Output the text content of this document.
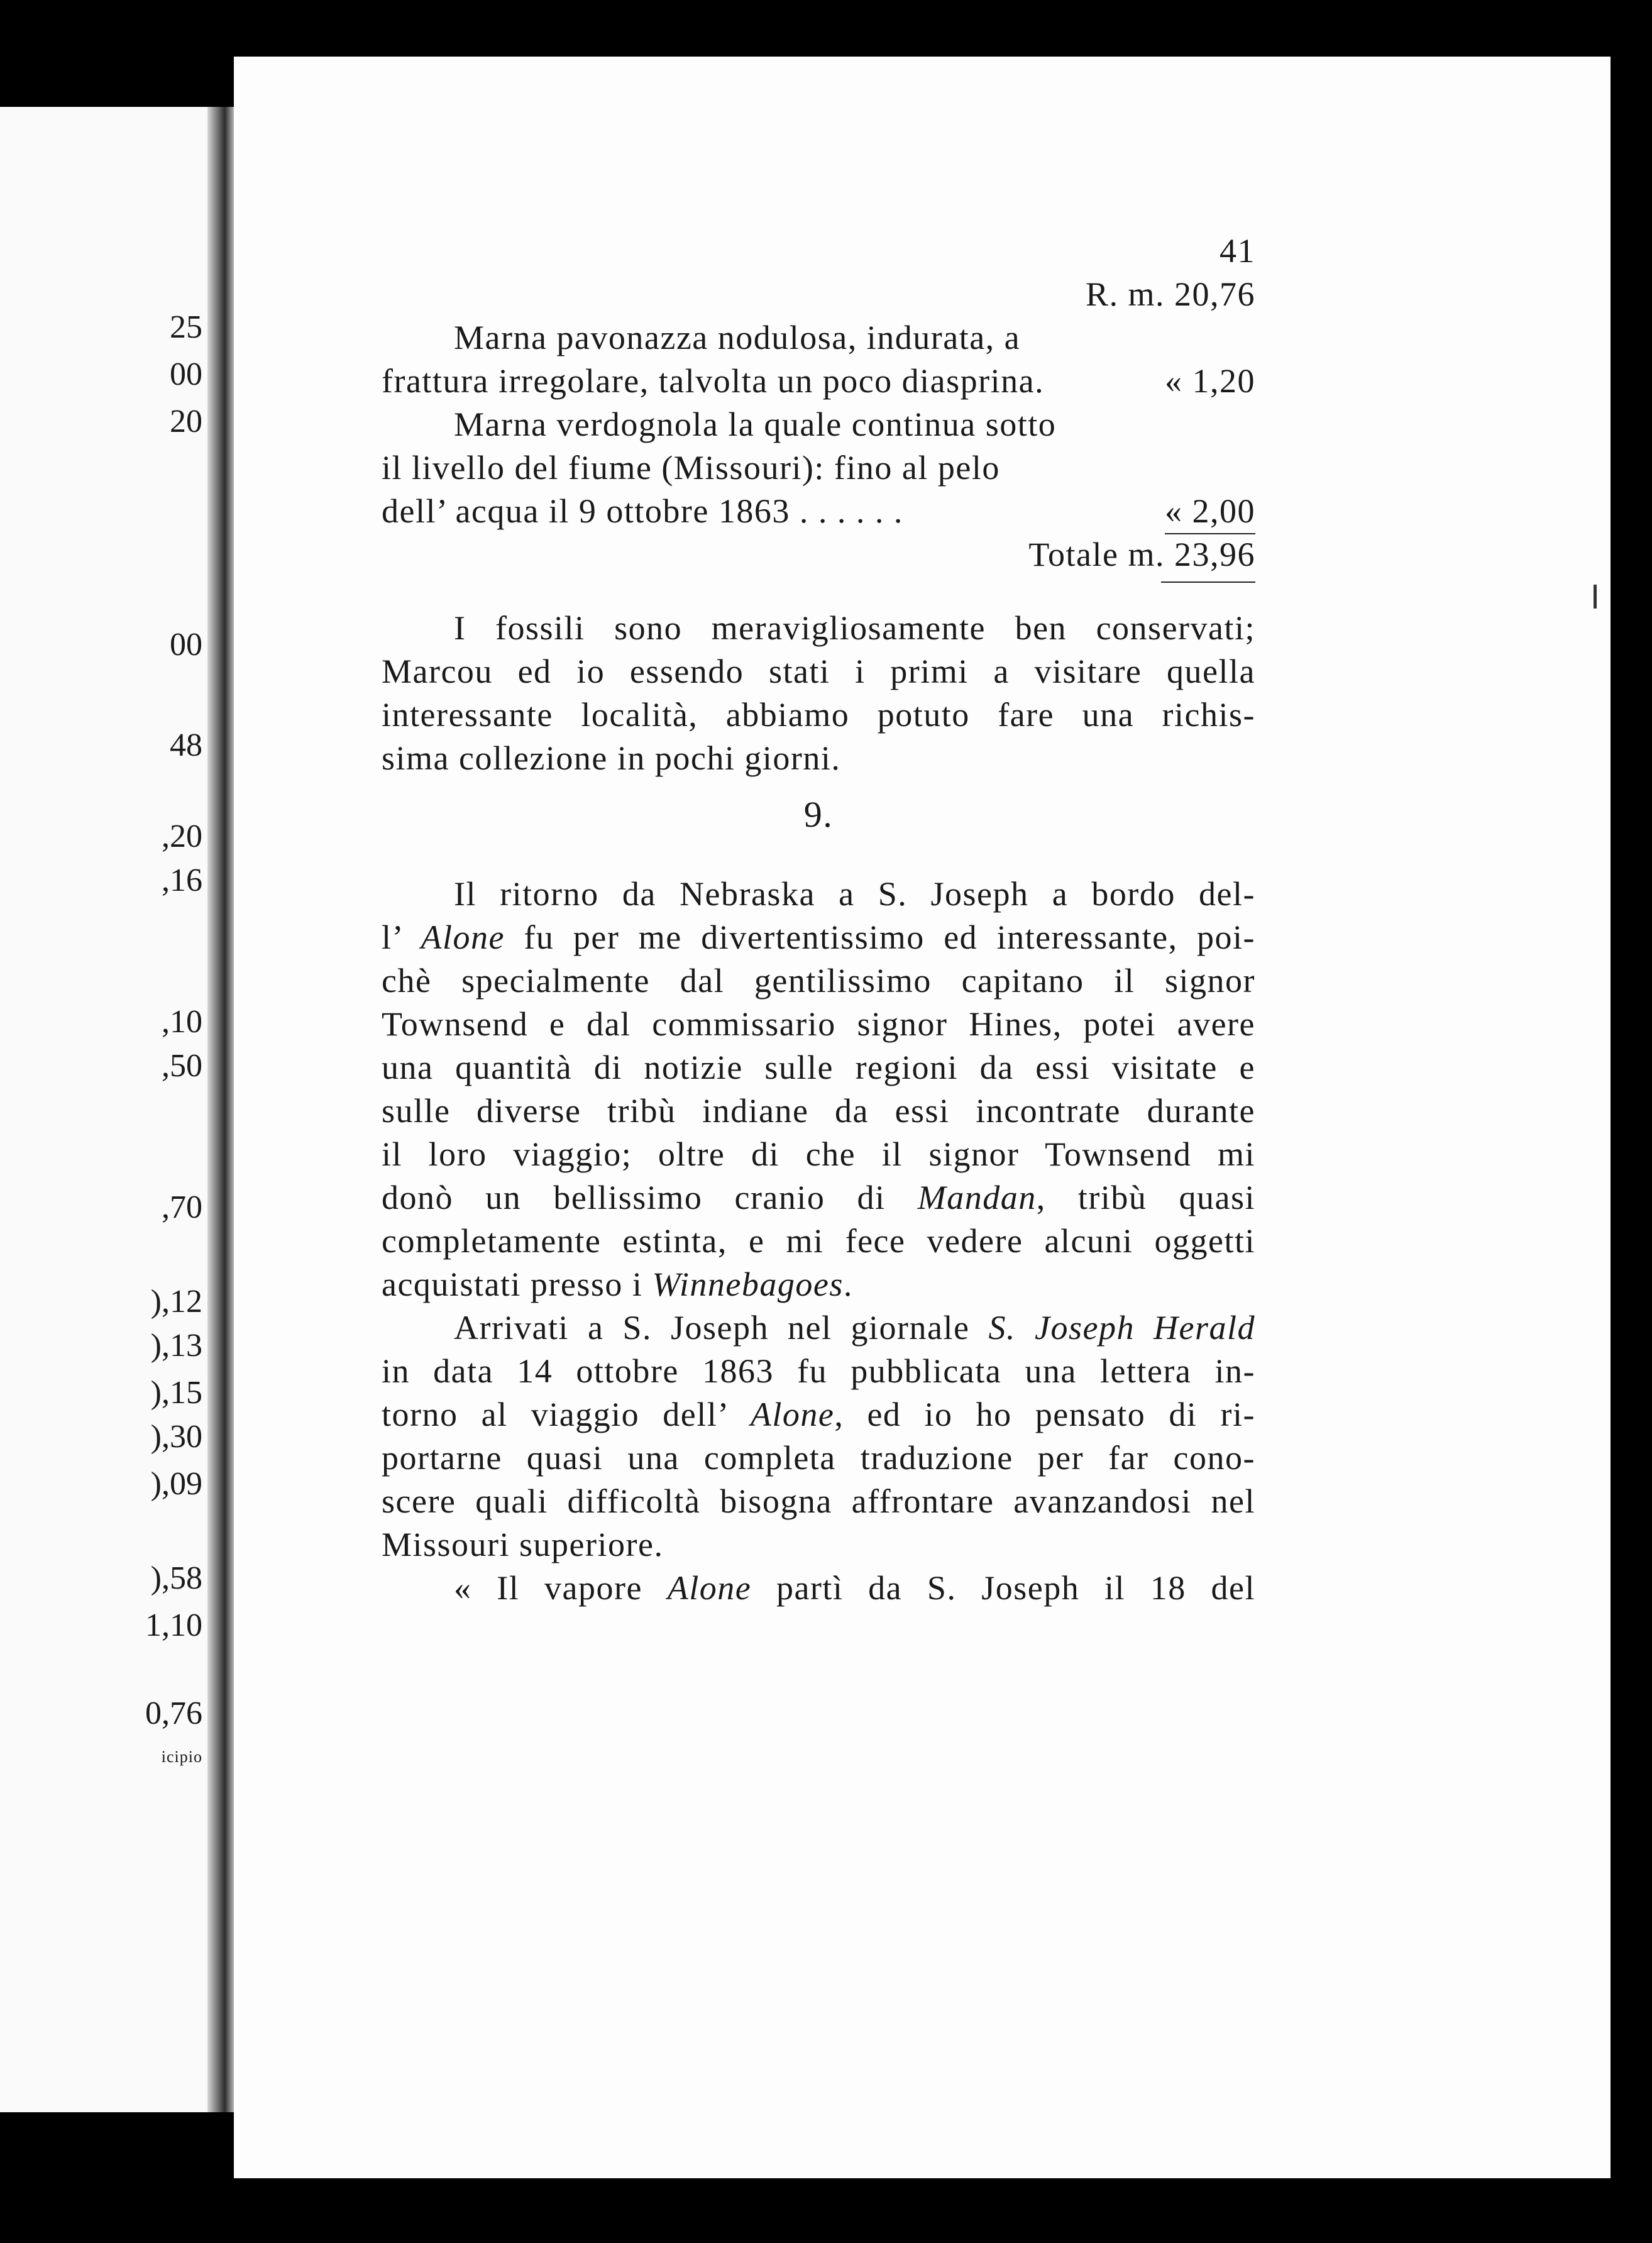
25
00
20
00
48
,20
,16
,10
,50
,70
),12
),13
),15
),30
),09
),58
1,10
0,76
icipio
41
R. m. 20,76
Marna pavonazza nodulosa, indurata, a
frattura irregolare, talvolta un poco diasprina.	« 1,20
Marna verdognola la quale continua sotto
il livello del fiume (Missouri): fino al pelo
dell’ acqua il 9 ottobre 1863 . . . . . .	« 2,00
Totale m. 23,96
I fossili sono meravigliosamente ben conservati;
Marcou ed io essendo stati i primi a visitare quella
interessante località, abbiamo potuto fare una richis-
sima collezione in pochi giorni.
9.
Il ritorno da Nebraska a S. Joseph a bordo del-
l’ Alone fu per me divertentissimo ed interessante, poi-
chè specialmente dal gentilissimo capitano il signor
Townsend e dal commissario signor Hines, potei avere
una quantità di notizie sulle regioni da essi visitate e
sulle diverse tribù indiane da essi incontrate durante
il loro viaggio; oltre di che il signor Townsend mi
donò un bellissimo cranio di Mandan, tribù quasi
completamente estinta, e mi fece vedere alcuni oggetti
acquistati presso i Winnebagoes.
Arrivati a S. Joseph nel giornale S. Joseph Herald
in data 14 ottobre 1863 fu pubblicata una lettera in-
torno al viaggio dell’ Alone, ed io ho pensato di ri-
portarne quasi una completa traduzione per far cono-
scere quali difficoltà bisogna affrontare avanzandosi nel
Missouri superiore.
« Il vapore Alone partì da S. Joseph il 18 del
